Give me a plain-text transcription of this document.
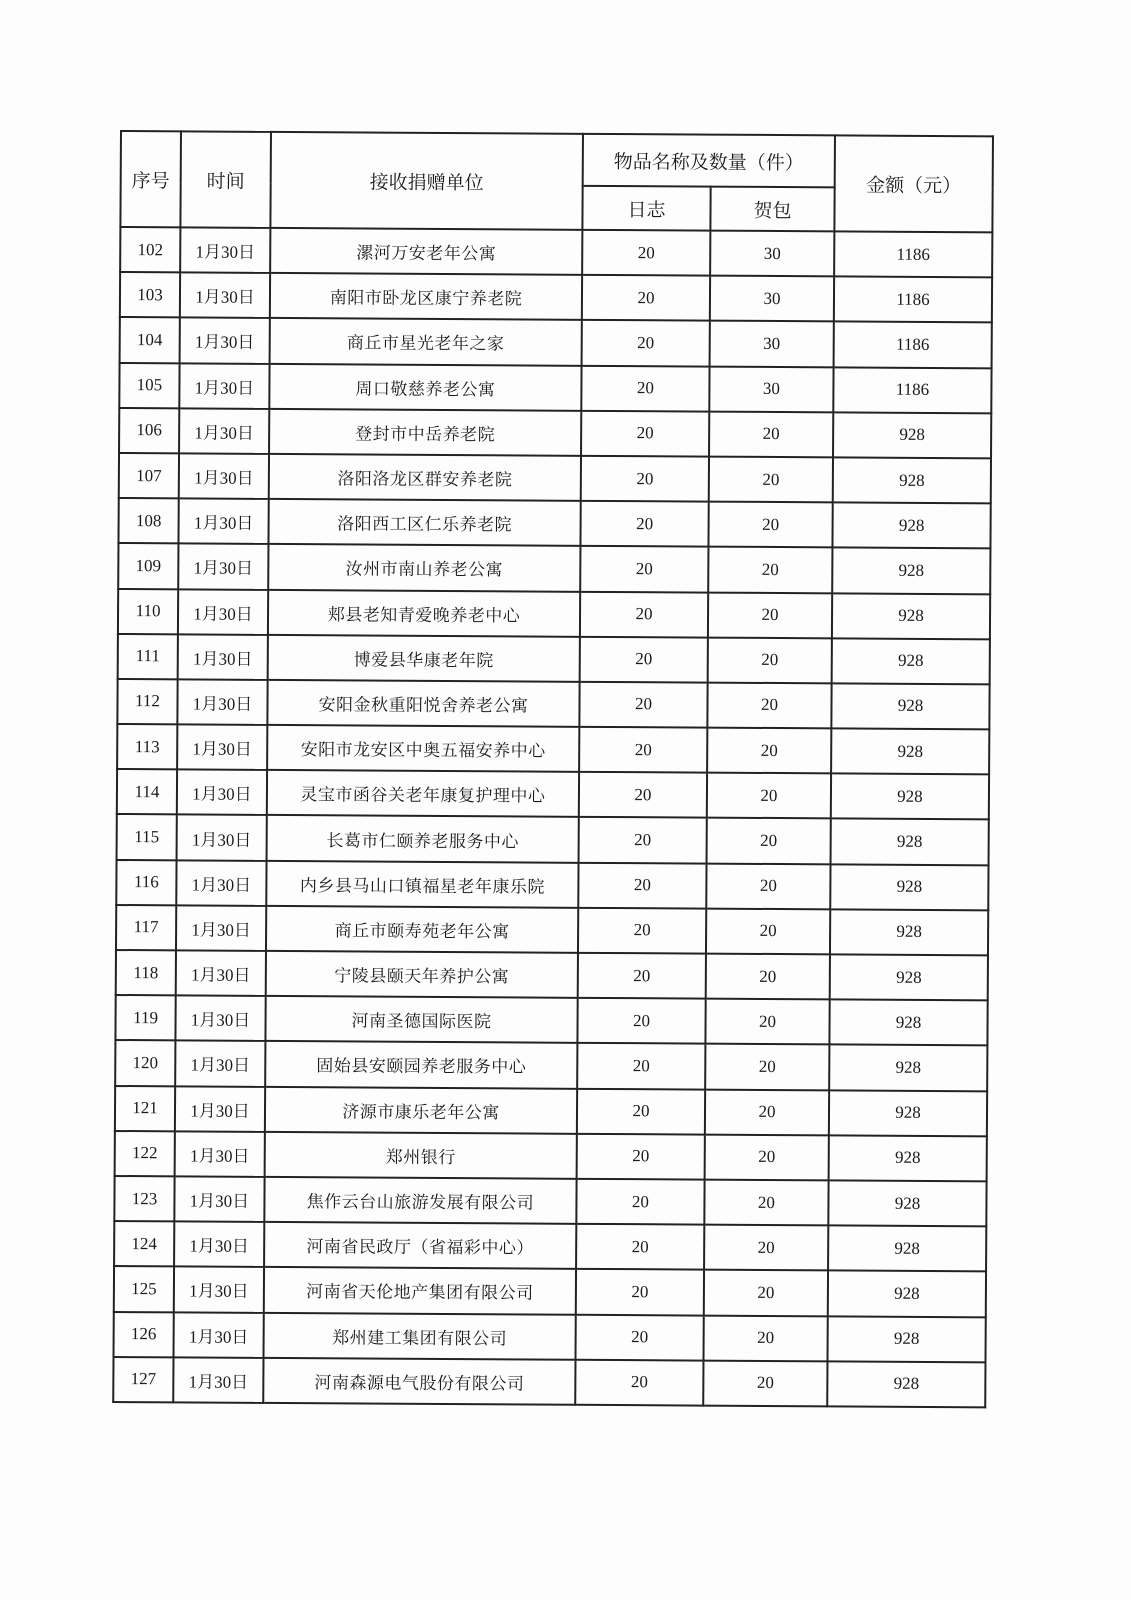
序号	时间	接收捐赠单位	物品名称及数量（件）		金额（元）
			日志	贺包	
102	1月30日	漯河万安老年公寓	20	30	1186
103	1月30日	南阳市卧龙区康宁养老院	20	30	1186
104	1月30日	商丘市星光老年之家	20	30	1186
105	1月30日	周口敬慈养老公寓	20	30	1186
106	1月30日	登封市中岳养老院	20	20	928
107	1月30日	洛阳洛龙区群安养老院	20	20	928
108	1月30日	洛阳西工区仁乐养老院	20	20	928
109	1月30日	汝州市南山养老公寓	20	20	928
110	1月30日	郏县老知青爱晚养老中心	20	20	928
111	1月30日	博爱县华康老年院	20	20	928
112	1月30日	安阳金秋重阳悦舍养老公寓	20	20	928
113	1月30日	安阳市龙安区中奥五福安养中心	20	20	928
114	1月30日	灵宝市函谷关老年康复护理中心	20	20	928
115	1月30日	长葛市仁颐养老服务中心	20	20	928
116	1月30日	内乡县马山口镇福星老年康乐院	20	20	928
117	1月30日	商丘市颐寿苑老年公寓	20	20	928
118	1月30日	宁陵县颐天年养护公寓	20	20	928
119	1月30日	河南圣德国际医院	20	20	928
120	1月30日	固始县安颐园养老服务中心	20	20	928
121	1月30日	济源市康乐老年公寓	20	20	928
122	1月30日	郑州银行	20	20	928
123	1月30日	焦作云台山旅游发展有限公司	20	20	928
124	1月30日	河南省民政厅（省福彩中心）	20	20	928
125	1月30日	河南省天伦地产集团有限公司	20	20	928
126	1月30日	郑州建工集团有限公司	20	20	928
127	1月30日	河南森源电气股份有限公司	20	20	928
